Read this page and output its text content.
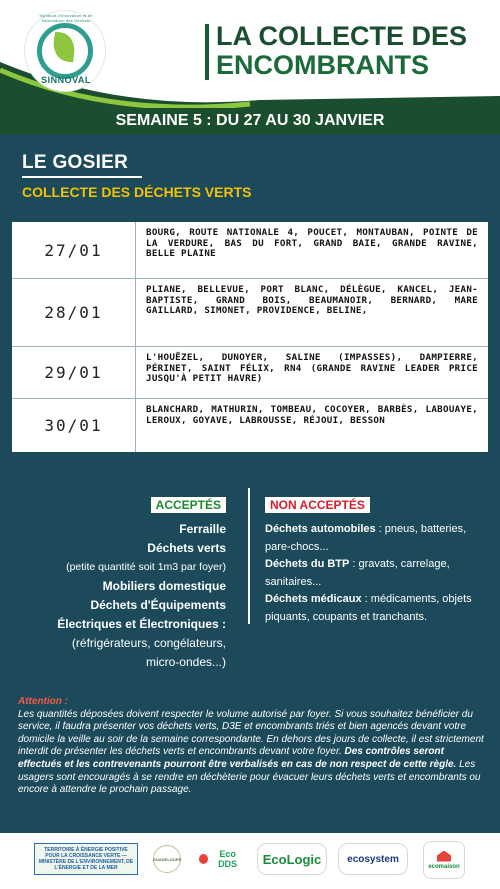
Syndicat d'Innovation et de Valorisation des Déchets
SINNOVAL
LA COLLECTE DES
ENCOMBRANTS
SEMAINE 5 : DU 27 AU 30 JANVIER
LE GOSIER
COLLECTE DES DÉCHETS VERTS
27/01
BOURG, ROUTE NATIONALE 4, POUCET, MONTAUBAN, POINTE DE LA VERDURE, BAS DU FORT, GRAND BAIE, GRANDE RAVINE, BELLE PLAINE
28/01
PLIANE, BELLEVUE, PORT BLANC, DÉLÈGUE, KANCEL, JEAN-BAPTISTE, GRAND BOIS, BEAUMANOIR, BERNARD, MARE GAILLARD, SIMONET, PROVIDENCE, BELINE,
29/01
L'HOUËZEL, DUNOYER, SALINE (IMPASSES), DAMPIERRE, PÉRINET, SAINT FÉLIX, RN4 (GRANDE RAVINE LEADER PRICE JUSQU'À PETIT HAVRE)
30/01
BLANCHARD, MATHURIN, TOMBEAU, COCOYER, BARBÈS, LABOUAYE, LEROUX, GOYAVE, LABROUSSE, RÉJOUI, BESSON
ACCEPTÉS
Ferraille
Déchets verts
(petite quantité soit 1m3 par foyer)
Mobiliers domestique
Déchets d'Équipements
Électriques et Électroniques :
(réfrigérateurs, congélateurs,
micro-ondes...)
NON ACCEPTÉS
Déchets automobiles : pneus, batteries, pare-chocs...
Déchets du BTP : gravats, carrelage, sanitaires...
Déchets médicaux : médicaments, objets piquants, coupants et tranchants.
Attention :
Les quantités déposées doivent respecter le volume autorisé par foyer. Si vous souhaitez bénéficier du service, il faudra présenter vos déchets verts, D3E et encombrants triés et bien agencés devant votre domicile la veille au soir de la semaine correspondante. En dehors des jours de collecte, il est strictement interdit de présenter les déchets verts et encombrants devant votre foyer. Des contrôles seront effectués et les contrevenants pourront être verbalisés en cas de non respect de cette règle. Les usagers sont encouragés à se rendre en déchèterie pour évacuer leurs déchets verts et encombrants ou encore à attendre le prochain passage.
TERRITOIRE À ÉNERGIE POSITIVE POUR LA CROISSANCE VERTE — MINISTÈRE DE L'ENVIRONNEMENT, DE L'ÉNERGIE ET DE LA MER
GUADELOUPE	Eco DDS	EcoLogic	ecosystem
ecomaison
